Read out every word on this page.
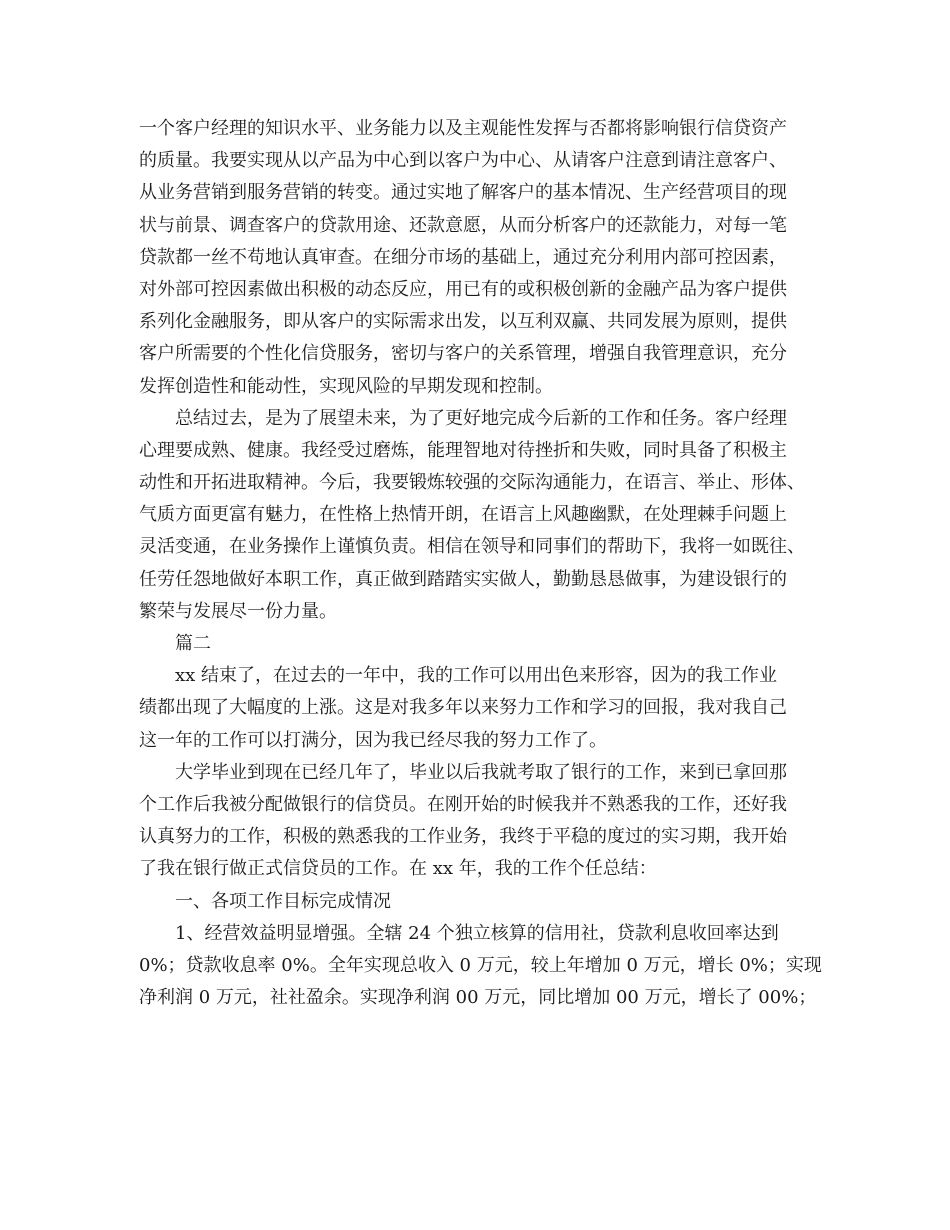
一个客户经理的知识水平、业务能力以及主观能性发挥与否都将影响银行信贷资产
的质量。我要实现从以产品为中心到以客户为中心、从请客户注意到请注意客户、
从业务营销到服务营销的转变。通过实地了解客户的基本情况、生产经营项目的现
状与前景、调查客户的贷款用途、还款意愿，从而分析客户的还款能力，对每一笔
贷款都一丝不苟地认真审查。在细分市场的基础上，通过充分利用内部可控因素，
对外部可控因素做出积极的动态反应，用已有的或积极创新的金融产品为客户提供
系列化金融服务，即从客户的实际需求出发，以互利双赢、共同发展为原则，提供
客户所需要的个性化信贷服务，密切与客户的关系管理，增强自我管理意识，充分
发挥创造性和能动性，实现风险的早期发现和控制。
　　总结过去，是为了展望未来，为了更好地完成今后新的工作和任务。客户经理
心理要成熟、健康。我经受过磨炼，能理智地对待挫折和失败，同时具备了积极主
动性和开拓进取精神。今后，我要锻炼较强的交际沟通能力，在语言、举止、形体、
气质方面更富有魅力，在性格上热情开朗，在语言上风趣幽默，在处理棘手问题上
灵活变通，在业务操作上谨慎负责。相信在领导和同事们的帮助下，我将一如既往、
任劳任怨地做好本职工作，真正做到踏踏实实做人，勤勤恳恳做事，为建设银行的
繁荣与发展尽一份力量。
　　篇二
　　xx 结束了，在过去的一年中，我的工作可以用出色来形容，因为的我工作业
绩都出现了大幅度的上涨。这是对我多年以来努力工作和学习的回报，我对我自己
这一年的工作可以打满分，因为我已经尽我的努力工作了。
　　大学毕业到现在已经几年了，毕业以后我就考取了银行的工作，来到已拿回那
个工作后我被分配做银行的信贷员。在刚开始的时候我并不熟悉我的工作，还好我
认真努力的工作，积极的熟悉我的工作业务，我终于平稳的度过的实习期，我开始
了我在银行做正式信贷员的工作。在 xx 年，我的工作个任总结：
　　一、各项工作目标完成情况
　　1、经营效益明显增强。全辖 24 个独立核算的信用社，贷款利息收回率达到
0%；贷款收息率 0%。全年实现总收入 0 万元，较上年增加 0 万元，增长 0%；实现
净利润 0 万元，社社盈余。实现净利润 00 万元，同比增加 00 万元，增长了 00%；
